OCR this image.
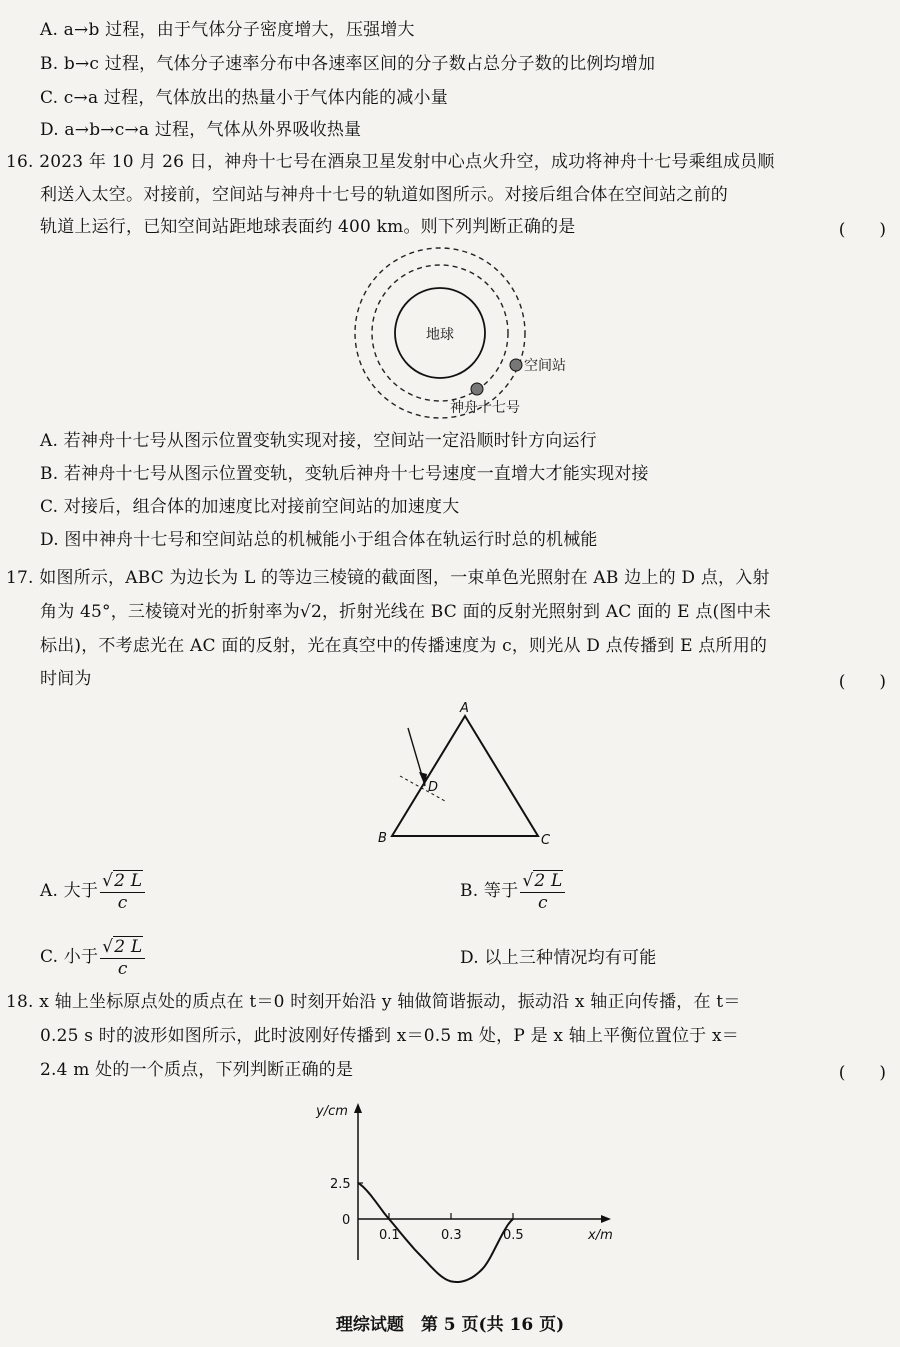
A. a→b 过程，由于气体分子密度增大，压强增大
B. b→c 过程，气体分子速率分布中各速率区间的分子数占总分子数的比例均增加
C. c→a 过程，气体放出的热量小于气体内能的减小量
D. a→b→c→a 过程，气体从外界吸收热量
16. 2023 年 10 月 26 日，神舟十七号在酒泉卫星发射中心点火升空，成功将神舟十七号乘组成员顺
利送入太空。对接前，空间站与神舟十七号的轨道如图所示。对接后组合体在空间站之前的
轨道上运行，已知空间站距地球表面约 400 km。则下列判断正确的是	(　　)
地球
空间站
神舟十七号
A. 若神舟十七号从图示位置变轨实现对接，空间站一定沿顺时针方向运行
B. 若神舟十七号从图示位置变轨，变轨后神舟十七号速度一直增大才能实现对接
C. 对接后，组合体的加速度比对接前空间站的加速度大
D. 图中神舟十七号和空间站总的机械能小于组合体在轨运行时总的机械能
17. 如图所示，ABC 为边长为 L 的等边三棱镜的截面图，一束单色光照射在 AB 边上的 D 点，入射
角为 45°，三棱镜对光的折射率为√2，折射光线在 BC 面的反射光照射到 AC 面的 E 点(图中未
标出)，不考虑光在 AC 面的反射，光在真空中的传播速度为 c，则光从 D 点传播到 E 点所用的
时间为	(　　)
A
B	C
D
A. 大于 $\frac{√2 L}{c}$	B. 等于 $\frac{√2 L}{c}$
C. 小于 $\frac{√2 L}{c}$	D. 以上三种情况均有可能
18. x 轴上坐标原点处的质点在 t＝0 时刻开始沿 y 轴做简谐振动，振动沿 x 轴正向传播，在 t＝
0.25 s 时的波形如图所示，此时波刚好传播到 x＝0.5 m 处，P 是 x 轴上平衡位置位于 x＝
2.4 m 处的一个质点，下列判断正确的是	(　　)
y/cm
x/m
0.1	0.3	0.5
2.5
0
理综试题　第 5 页(共 16 页)
